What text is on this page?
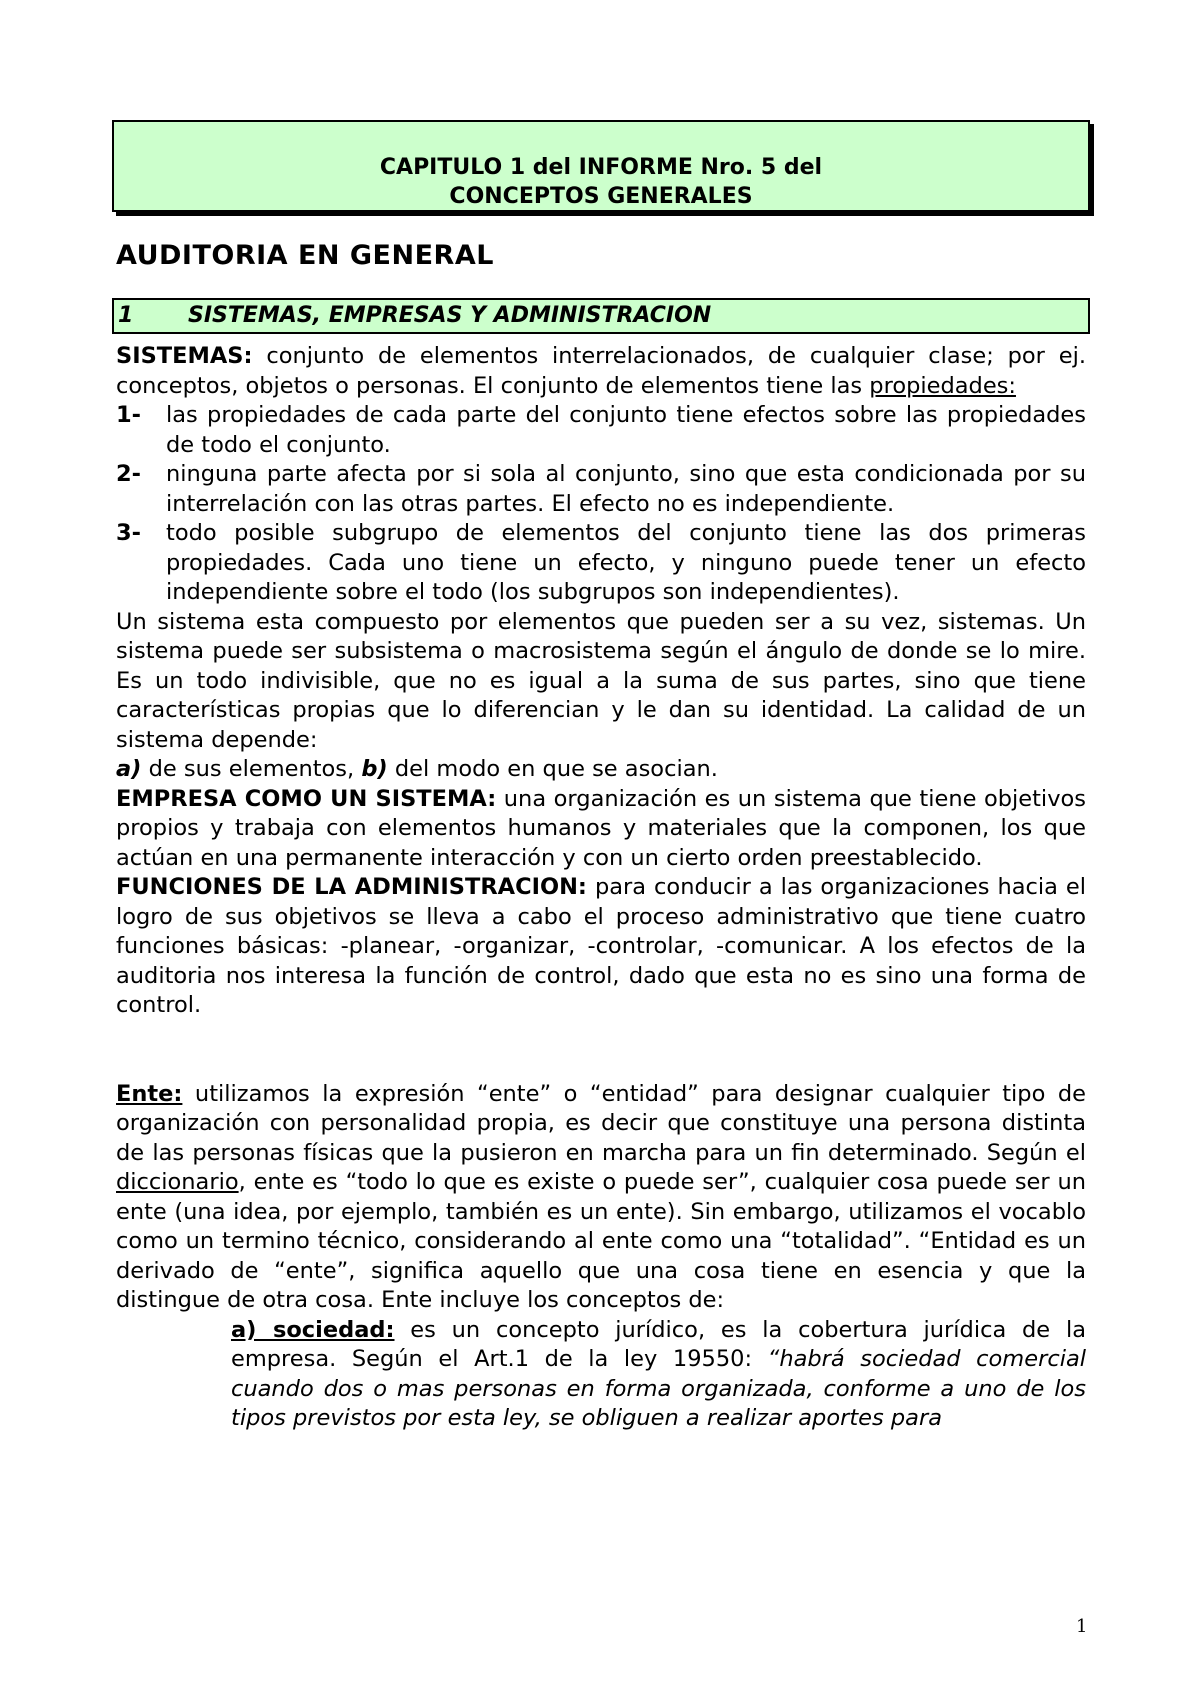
CAPITULO 1 del INFORME Nro. 5 del
CONCEPTOS GENERALES
AUDITORIA EN GENERAL
1 SISTEMAS, EMPRESAS Y ADMINISTRACION

SISTEMAS: conjunto de elementos interrelacionados, de cualquier clase; por ej. conceptos, objetos o personas. El conjunto de elementos tiene las propiedades:

1- las propiedades de cada parte del conjunto tiene efectos sobre las propiedades de todo el conjunto.

2- ninguna parte afecta por si sola al conjunto, sino que esta condicionada por su interrelación con las otras partes. El efecto no es independiente.

3- todo posible subgrupo de elementos del conjunto tiene las dos primeras propiedades. Cada uno tiene un efecto, y ninguno puede tener un efecto independiente sobre el todo (los subgrupos son independientes).

Un sistema esta compuesto por elementos que pueden ser a su vez, sistemas. Un sistema puede ser subsistema o macrosistema según el ángulo de donde se lo mire. Es un todo indivisible, que no es igual a la suma de sus partes, sino que tiene características propias que lo diferencian y le dan su identidad. La calidad de un sistema depende:

a) de sus elementos, b) del modo en que se asocian.

EMPRESA COMO UN SISTEMA: una organización es un sistema que tiene objetivos propios y trabaja con elementos humanos y materiales que la componen, los que actúan en una permanente interacción y con un cierto orden preestablecido.

FUNCIONES DE LA ADMINISTRACION: para conducir a las organizaciones hacia el logro de sus objetivos se lleva a cabo el proceso administrativo que tiene cuatro funciones básicas: -planear, -organizar, -controlar, -comunicar. A los efectos de la auditoria nos interesa la función de control, dado que esta no es sino una forma de control.

Ente: utilizamos la expresión “ente” o “entidad” para designar cualquier tipo de organización con personalidad propia, es decir que constituye una persona distinta de las personas físicas que la pusieron en marcha para un fin determinado. Según el diccionario, ente es “todo lo que es existe o puede ser”, cualquier cosa puede ser un ente (una idea, por ejemplo, también es un ente). Sin embargo, utilizamos el vocablo como un termino técnico, considerando al ente como una “totalidad”. “Entidad es un derivado de “ente”, significa aquello que una cosa tiene en esencia y que la distingue de otra cosa. Ente incluye los conceptos de:

a) sociedad: es un concepto jurídico, es la cobertura jurídica de la empresa. Según el Art.1 de la ley 19550: “habrá sociedad comercial cuando dos o mas personas en forma organizada, conforme a uno de los tipos previstos por esta ley, se obliguen a realizar aportes para

1
